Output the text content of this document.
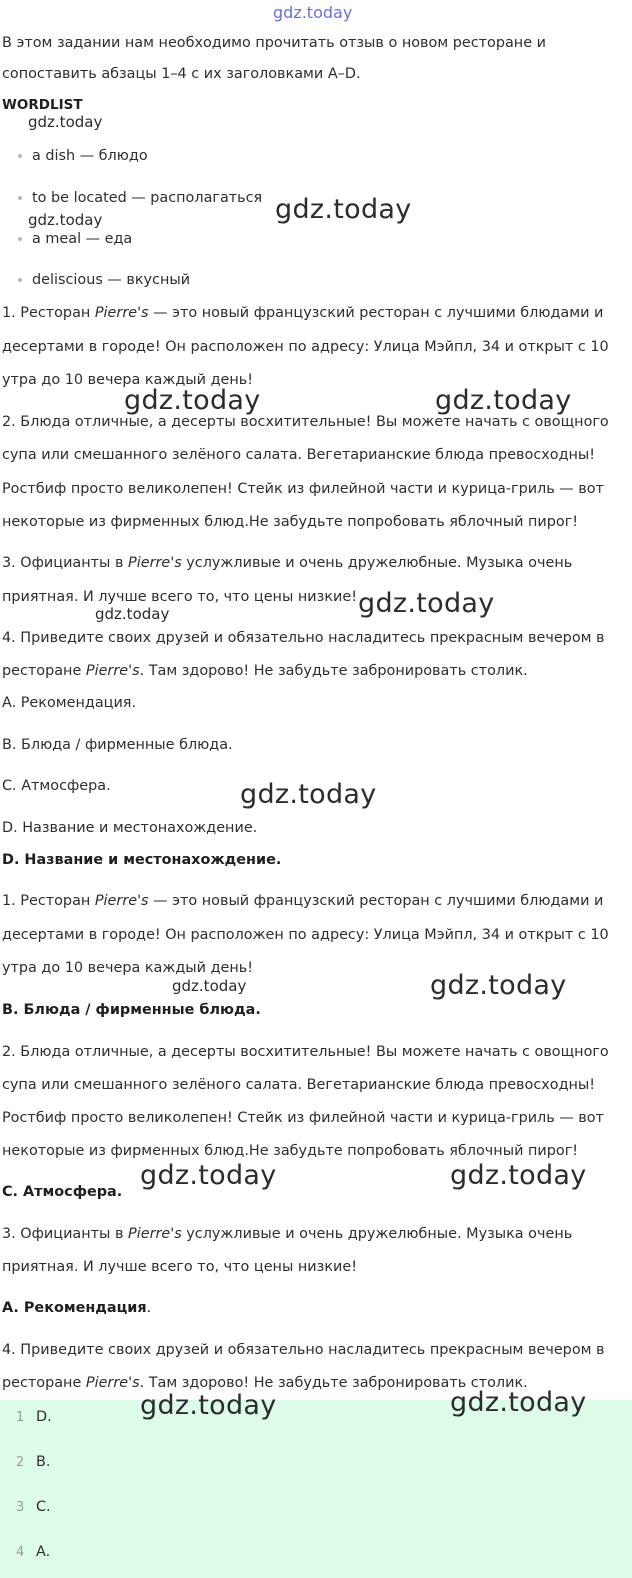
gdz.today
В этом задании нам необходимо прочитать отзыв о новом ресторане и
сопоставить абзацы 1–4 с их заголовками A–D.
WORDLIST
gdz.today
a dish — блюдо
to be located — располагаться
gdz.today	gdz.today
a meal — еда
deliscious — вкусный
1. Ресторан Pierre's — это новый французский ресторан с лучшими блюдами и
десертами в городе! Он расположен по адресу: Улица Мэйпл, 34 и открыт с 10
утра до 10 вечера каждый день!
gdz.today	gdz.today
2. Блюда отличные, а десерты восхитительные! Вы можете начать с овощного
супа или смешанного зелёного салата. Вегетарианские блюда превосходны!
Ростбиф просто великолепен! Стейк из филейной части и курица-гриль — вот
некоторые из фирменных блюд.Не забудьте попробовать яблочный пирог!
3. Официанты в Pierre's услужливые и очень дружелюбные. Музыка очень
приятная. И лучше всего то, что цены низкие! gdz.today
gdz.today
4. Приведите своих друзей и обязательно насладитесь прекрасным вечером в
ресторане Pierre's. Там здорово! Не забудьте забронировать столик.
A. Рекомендация.
B. Блюда / фирменные блюда.
C. Атмосфера.	gdz.today
D. Название и местонахождение.
D. Название и местонахождение.
1. Ресторан Pierre's — это новый французский ресторан с лучшими блюдами и
десертами в городе! Он расположен по адресу: Улица Мэйпл, 34 и открыт с 10
утра до 10 вечера каждый день!
gdz.today	gdz.today
B. Блюда / фирменные блюда.
2. Блюда отличные, а десерты восхитительные! Вы можете начать с овощного
супа или смешанного зелёного салата. Вегетарианские блюда превосходны!
Ростбиф просто великолепен! Стейк из филейной части и курица-гриль — вот
некоторые из фирменных блюд.Не забудьте попробовать яблочный пирог!
gdz.today	gdz.today
C. Атмосфера.
3. Официанты в Pierre's услужливые и очень дружелюбные. Музыка очень
приятная. И лучше всего то, что цены низкие!
A. Рекомендация.
4. Приведите своих друзей и обязательно насладитесь прекрасным вечером в
ресторане Pierre's. Там здорово! Не забудьте забронировать столик.
1 D.
2 B.
3 C.
4 A.
gdz.today	gdz.today
